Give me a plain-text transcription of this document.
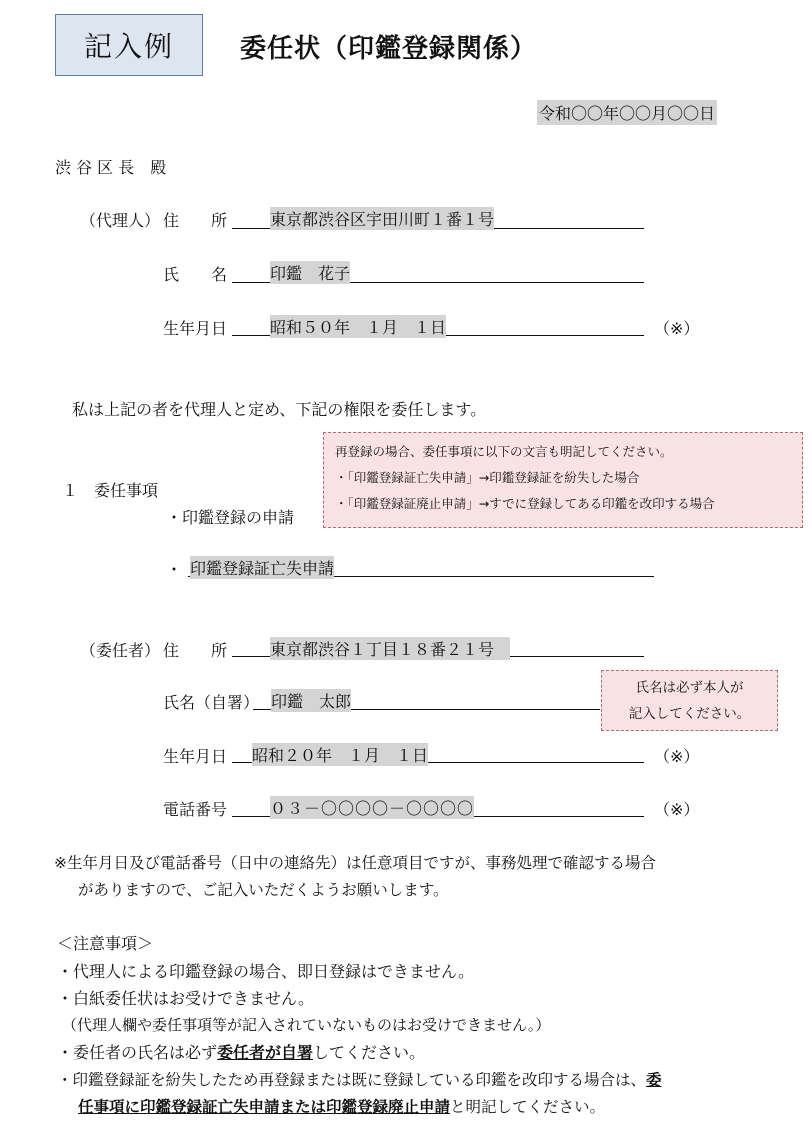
記入例	委任状（印鑑登録関係）
令和〇〇年〇〇月〇〇日
渋 谷 区 長　殿
（代理人） 住　　所	東京都渋谷区宇田川町１番１号
氏　　名	印鑑　花子
生年月日	昭和５０年　１月　１日	（※）
私は上記の者を代理人と定め、下記の権限を委任します。
再登録の場合、委任事項に以下の文言も明記してください。
・「印鑑登録証亡失申請」→印鑑登録証を紛失した場合
・「印鑑登録証廃止申請」→すでに登録してある印鑑を改印する場合
１　委任事項
・印鑑登録の申請
・ 印鑑登録証亡失申請
（委任者） 住　　所	東京都渋谷１丁目１８番２１号
氏名（自署） 印鑑　太郎
氏名は必ず本人が
記入してください。
生年月日 昭和２０年　１月　１日	（※）
電話番号	０３－〇〇〇〇－〇〇〇〇	（※）
※生年月日及び電話番号（日中の連絡先）は任意項目ですが、事務処理で確認する場合
がありますので、ご記入いただくようお願いします。
＜注意事項＞
・代理人による印鑑登録の場合、即日登録はできません。
・白紙委任状はお受けできません。
（代理人欄や委任事項等が記入されていないものはお受けできません。）
・委任者の氏名は必ず委任者が自署してください。
・印鑑登録証を紛失したため再登録または既に登録している印鑑を改印する場合は、委
任事項に印鑑登録証亡失申請または印鑑登録廃止申請と明記してください。
